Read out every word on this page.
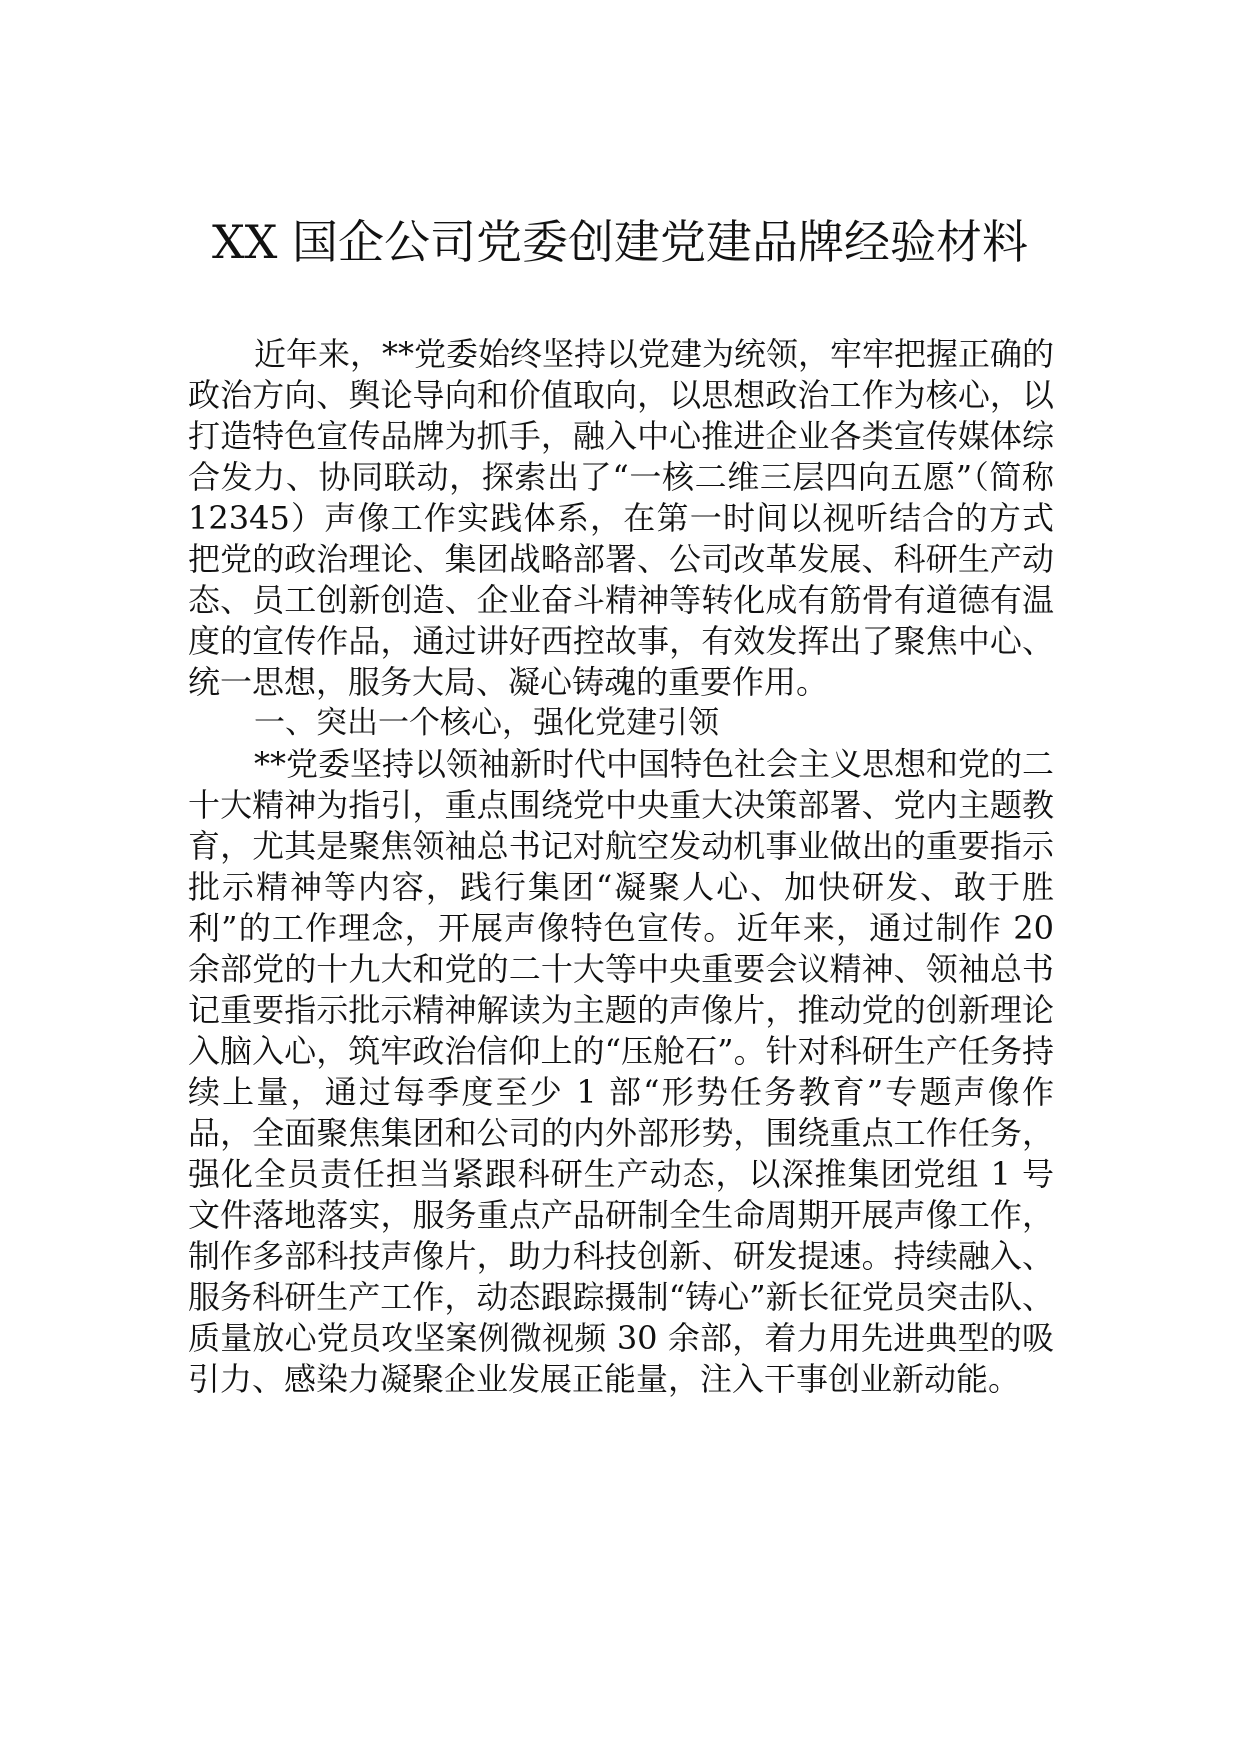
XX 国企公司党委创建党建品牌经验材料

近年来，**党委始终坚持以党建为统领，牢牢把握正确的政治方向、舆论导向和价值取向，以思想政治工作为核心，以打造特色宣传品牌为抓手，融入中心推进企业各类宣传媒体综合发力、协同联动，探索出了“一核二维三层四向五愿”（简称 12345）声像工作实践体系，在第一时间以视听结合的方式把党的政治理论、集团战略部署、公司改革发展、科研生产动态、员工创新创造、企业奋斗精神等转化成有筋骨有道德有温度的宣传作品，通过讲好西控故事，有效发挥出了聚焦中心、统一思想，服务大局、凝心铸魂的重要作用。

一、突出一个核心，强化党建引领

**党委坚持以领袖新时代中国特色社会主义思想和党的二十大精神为指引，重点围绕党中央重大决策部署、党内主题教育，尤其是聚焦领袖总书记对航空发动机事业做出的重要指示批示精神等内容，践行集团“凝聚人心、加快研发、敢于胜利”的工作理念，开展声像特色宣传。近年来，通过制作 20 余部党的十九大和党的二十大等中央重要会议精神、领袖总书记重要指示批示精神解读为主题的声像片，推动党的创新理论入脑入心，筑牢政治信仰上的“压舱石”。针对科研生产任务持续上量，通过每季度至少 1 部“形势任务教育”专题声像作品，全面聚焦集团和公司的内外部形势，围绕重点工作任务，强化全员责任担当紧跟科研生产动态，以深推集团党组 1 号文件落地落实，服务重点产品研制全生命周期开展声像工作，制作多部科技声像片，助力科技创新、研发提速。持续融入、服务科研生产工作，动态跟踪摄制“铸心”新长征党员突击队、质量放心党员攻坚案例微视频 30 余部，着力用先进典型的吸引力、感染力凝聚企业发展正能量，注入干事创业新动能。
